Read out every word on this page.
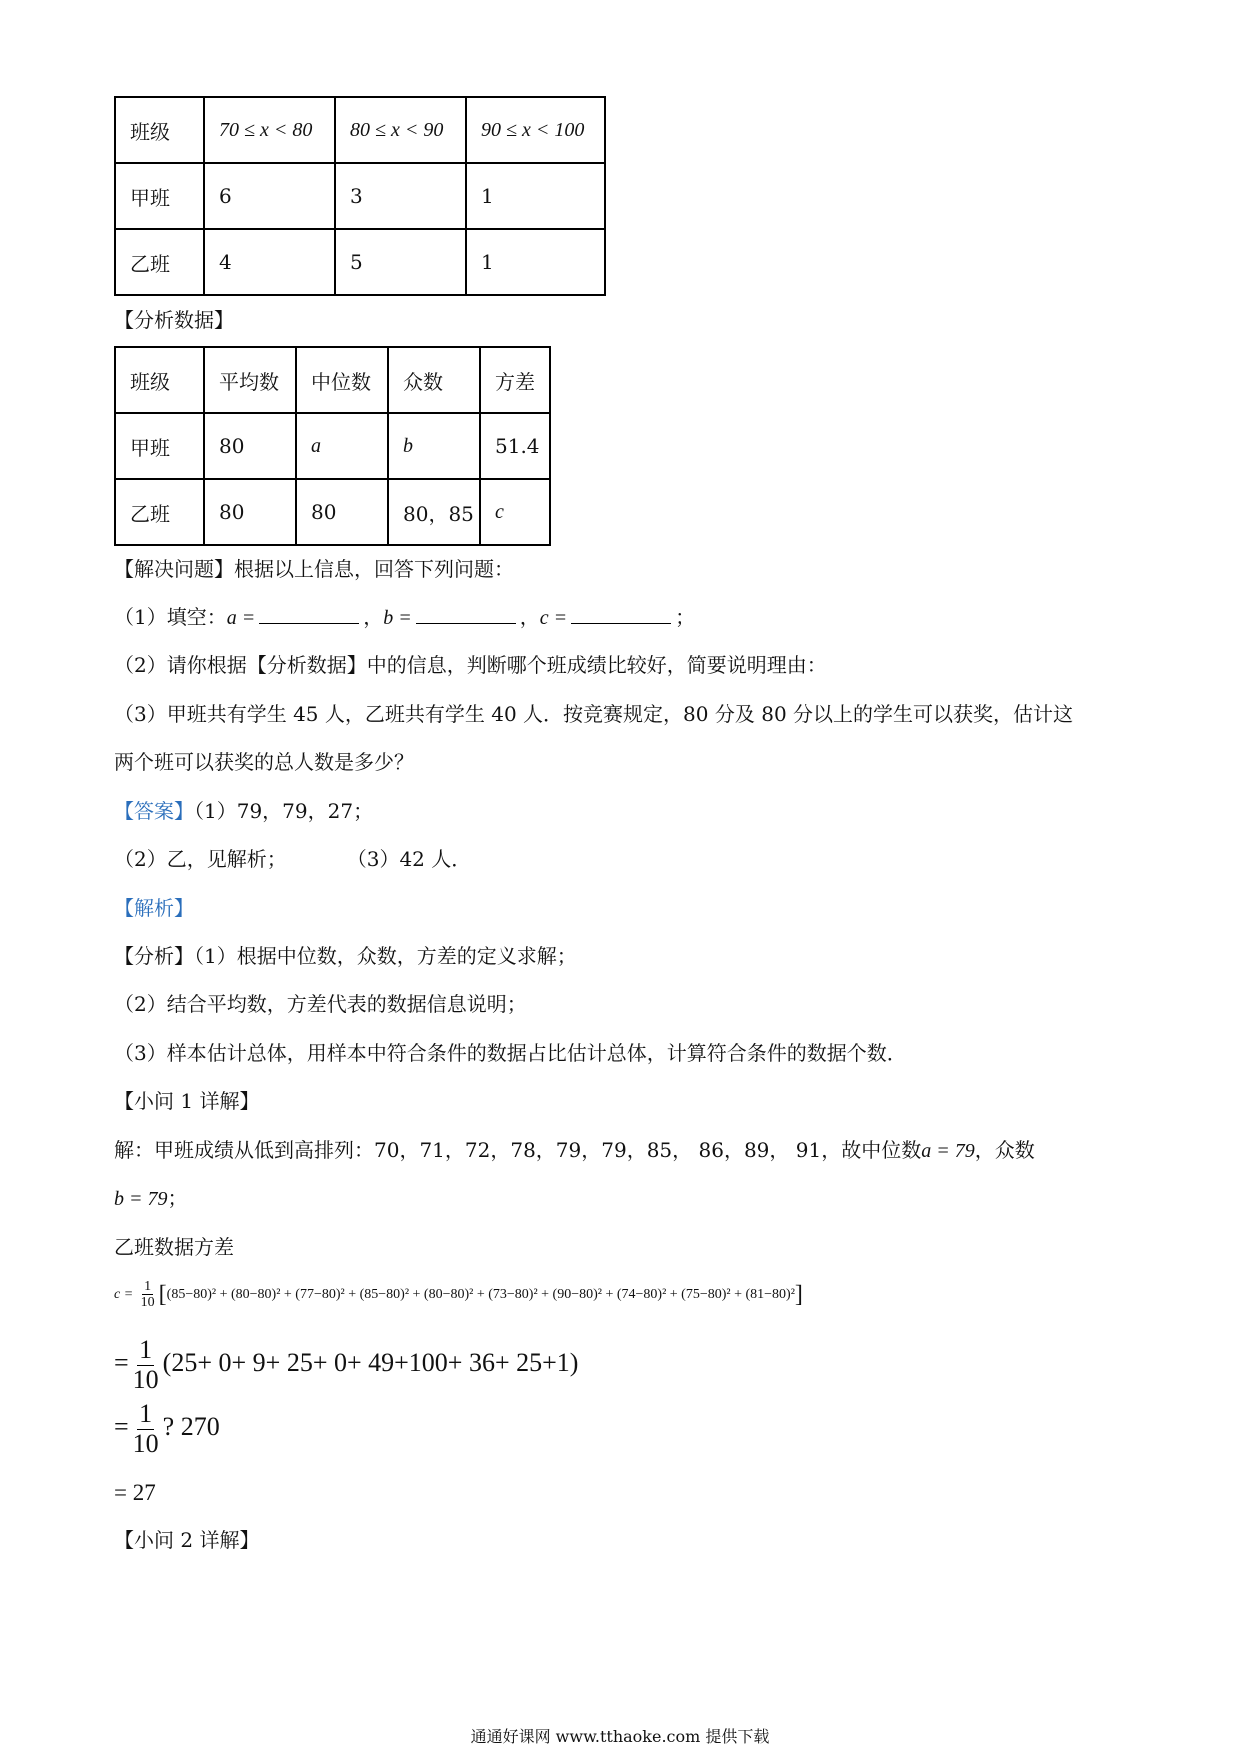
班级	70 ≤ x < 80	80 ≤ x < 90	90 ≤ x < 100
甲班	6	3	1
乙班	4	5	1
【分析数据】
班级	平均数	中位数	众数	方差
甲班	80	a	b	51.4
乙班	80	80	80，85	c
【解决问题】根据以上信息，回答下列问题：
（1）填空：a =	，b =	，c =	；
（2）请你根据【分析数据】中的信息，判断哪个班成绩比较好，简要说明理由：
（3）甲班共有学生 45 人，乙班共有学生 40 人．按竞赛规定，80 分及 80 分以上的学生可以获奖，估计这
两个班可以获奖的总人数是多少？
【答案】（1）79，79，27；
（2）乙，见解析；	（3）42 人．
【解析】
【分析】（1）根据中位数，众数，方差的定义求解；
（2）结合平均数，方差代表的数据信息说明；
（3）样本估计总体，用样本中符合条件的数据占比估计总体，计算符合条件的数据个数．
【小问 1 详解】
解：甲班成绩从低到高排列：70，71，72，78，79，79，85， 86，89， 91，故中位数a = 79，众数
b = 79；
乙班数据方差
$c = \frac{1}{10} [(85-80)^2 + (80-80)^2 + (77-80)^2 + (85-80)^2 + (80-80)^2 + (73-80)^2 + (90-80)^2 + (74-80)^2 + (75-80)^2 + (81-80)^2]$
= $\frac{1}{10} (25+ 0+ 9+ 25+ 0+ 49+100+ 36+ 25+1)$
= $\frac{1}{10}$ ? 270
= 27
【小问 2 详解】
通通好课网 www.tthaoke.com 提供下载
